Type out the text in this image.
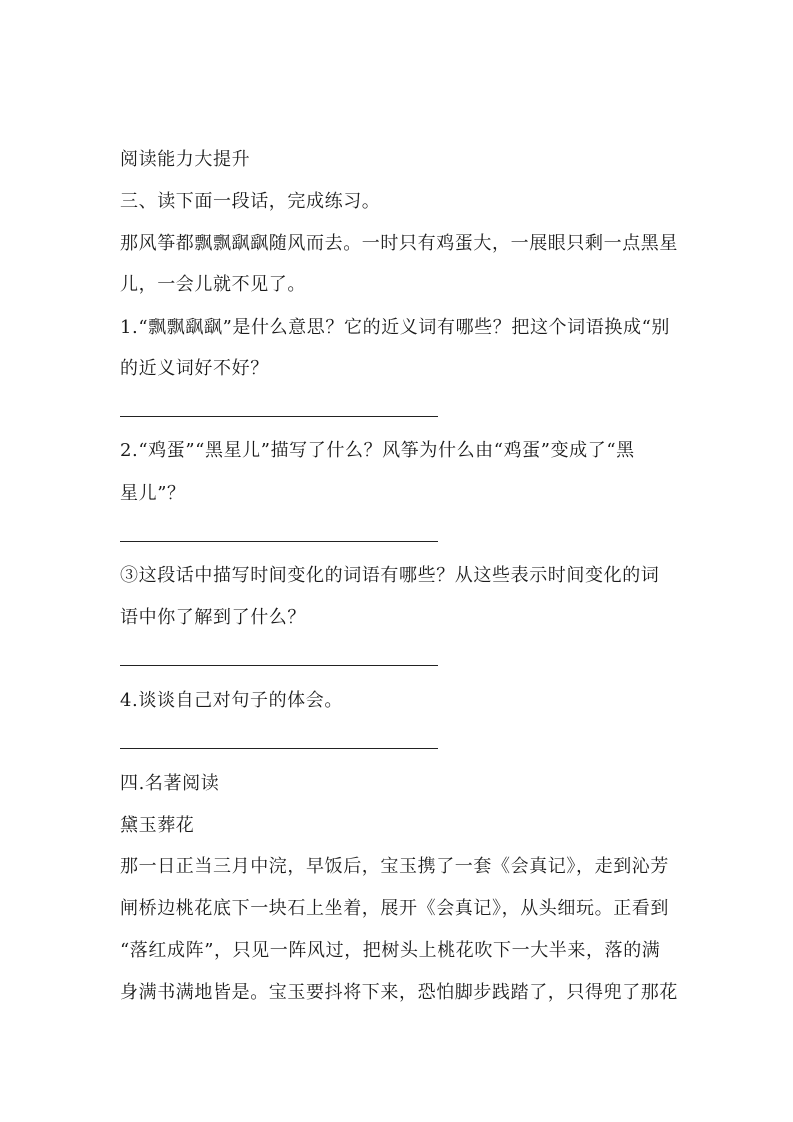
阅读能力大提升
三、读下面一段话，完成练习。
那风筝都飘飘飖飖随风而去。一时只有鸡蛋大，一展眼只剩一点黑星
儿，一会儿就不见了。
1.“飘飘飖飖”是什么意思？它的近义词有哪些？把这个词语换成“别
的近义词好不好？
2.“鸡蛋”“黑星儿”描写了什么？风筝为什么由“鸡蛋”变成了“黑
星儿”？
③这段话中描写时间变化的词语有哪些？从这些表示时间变化的词
语中你了解到了什么？
4.谈谈自己对句子的体会。
四.名著阅读
黛玉葬花
那一日正当三月中浣，早饭后，宝玉携了一套《会真记》，走到沁芳
闸桥边桃花底下一块石上坐着，展开《会真记》，从头细玩。正看到
“落红成阵”，只见一阵风过，把树头上桃花吹下一大半来，落的满
身满书满地皆是。宝玉要抖将下来，恐怕脚步践踏了，只得兜了那花
